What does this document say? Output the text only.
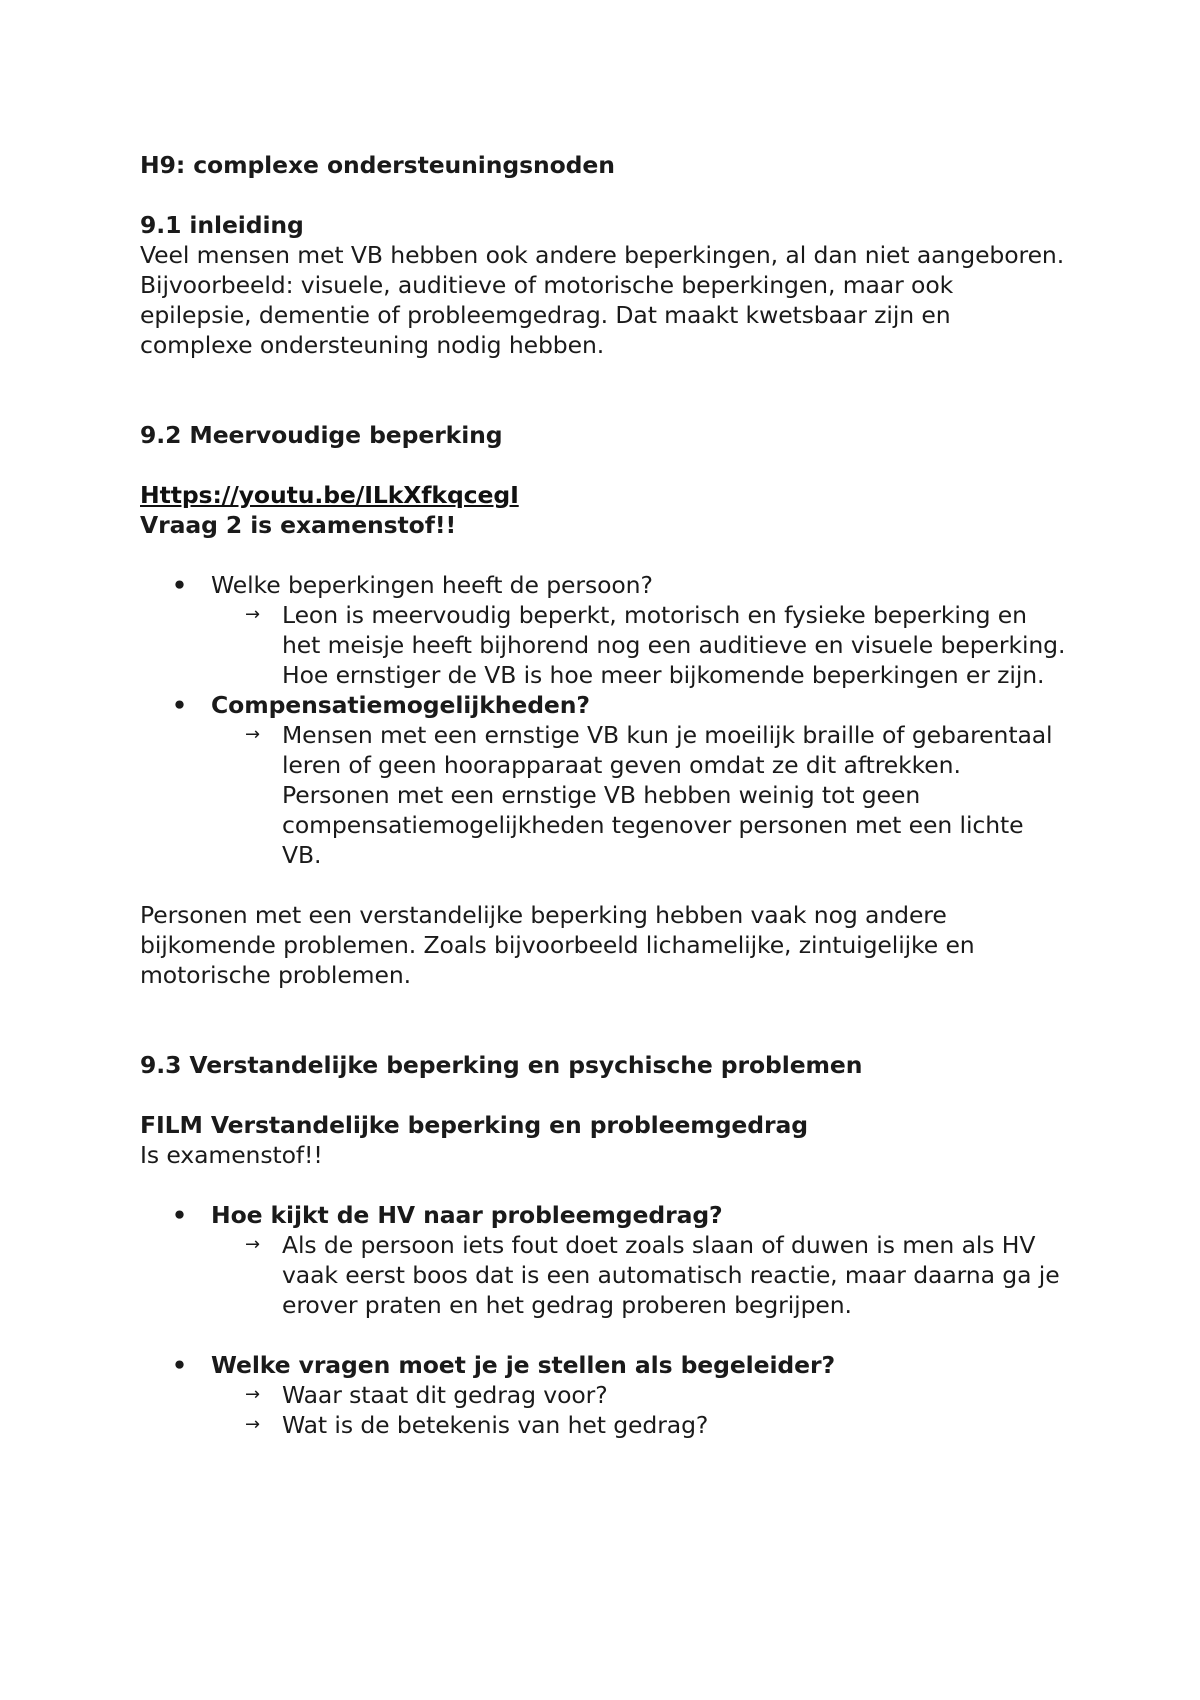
H9: complexe ondersteuningsnoden

9.1 inleiding

Veel mensen met VB hebben ook andere beperkingen, al dan niet aangeboren. Bijvoorbeeld: visuele, auditieve of motorische beperkingen, maar ook epilepsie, dementie of probleemgedrag. Dat maakt kwetsbaar zijn en complexe ondersteuning nodig hebben.

9.2 Meervoudige beperking

Https://youtu.be/ILkXfkqcegI

Vraag 2 is examenstof!!

• Welke beperkingen heeft de persoon?
→ Leon is meervoudig beperkt, motorisch en fysieke beperking en het meisje heeft bijhorend nog een auditieve en visuele beperking. Hoe ernstiger de VB is hoe meer bijkomende beperkingen er zijn.
• Compensatiemogelijkheden?
→ Mensen met een ernstige VB kun je moeilijk braille of gebarentaal leren of geen hoorapparaat geven omdat ze dit aftrekken. Personen met een ernstige VB hebben weinig tot geen compensatiemogelijkheden tegenover personen met een lichte VB.

Personen met een verstandelijke beperking hebben vaak nog andere bijkomende problemen. Zoals bijvoorbeeld lichamelijke, zintuigelijke en motorische problemen.

9.3 Verstandelijke beperking en psychische problemen

FILM Verstandelijke beperking en probleemgedrag

Is examenstof!!

• Hoe kijkt de HV naar probleemgedrag?
→ Als de persoon iets fout doet zoals slaan of duwen is men als HV vaak eerst boos dat is een automatisch reactie, maar daarna ga je erover praten en het gedrag proberen begrijpen.
• Welke vragen moet je je stellen als begeleider?
→ Waar staat dit gedrag voor?
→ Wat is de betekenis van het gedrag?
